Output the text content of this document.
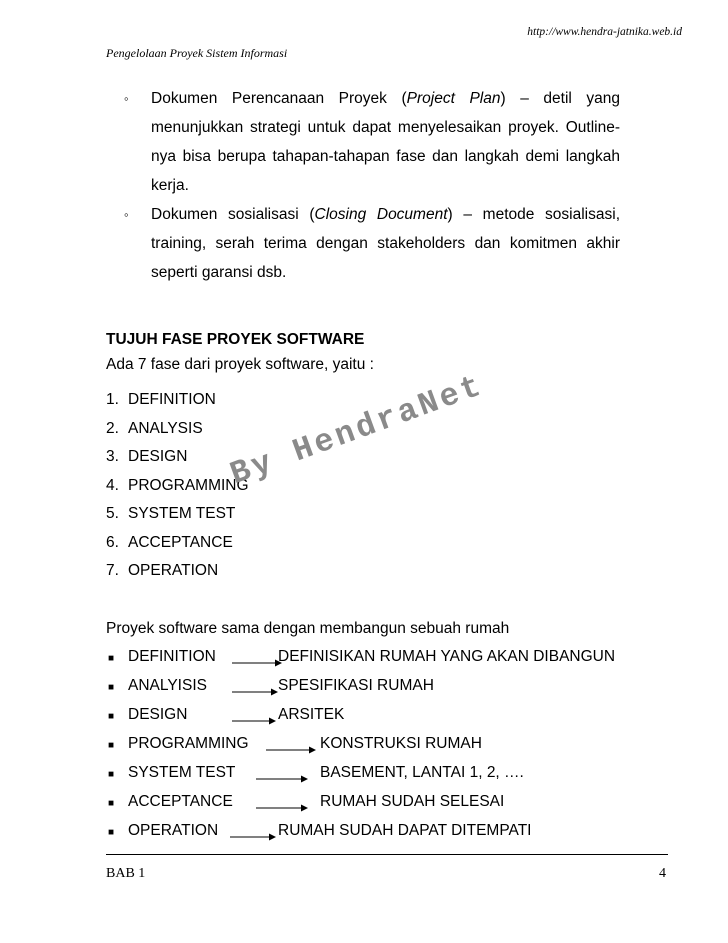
http://www.hendra-jatnika.web.id
Pengelolaan Proyek Sistem Informasi
◦	Dokumen Perencanaan Proyek (Project Plan) – detil yang menunjukkan strategi untuk dapat menyelesaikan proyek. Outline-nya bisa berupa tahapan-tahapan fase dan langkah demi langkah kerja.
◦	Dokumen sosialisasi (Closing Document) – metode sosialisasi, training, serah terima dengan stakeholders dan komitmen akhir seperti garansi dsb.
TUJUH FASE PROYEK SOFTWARE
Ada 7 fase dari proyek software, yaitu :
1. DEFINITION
2. ANALYSIS
3. DESIGN
4. PROGRAMMING
5. SYSTEM TEST
6. ACCEPTANCE
7. OPERATION
By HendraNet
Proyek software sama dengan membangun sebuah rumah
■ DEFINITION	DEFINISIKAN RUMAH YANG AKAN DIBANGUN
■ ANALYISIS	SPESIFIKASI RUMAH
■ DESIGN	ARSITEK
■ PROGRAMMING	KONSTRUKSI RUMAH
■ SYSTEM TEST	BASEMENT, LANTAI 1, 2, ….
■ ACCEPTANCE	RUMAH SUDAH SELESAI
■ OPERATION	RUMAH SUDAH DAPAT DITEMPATI
BAB 1	4
